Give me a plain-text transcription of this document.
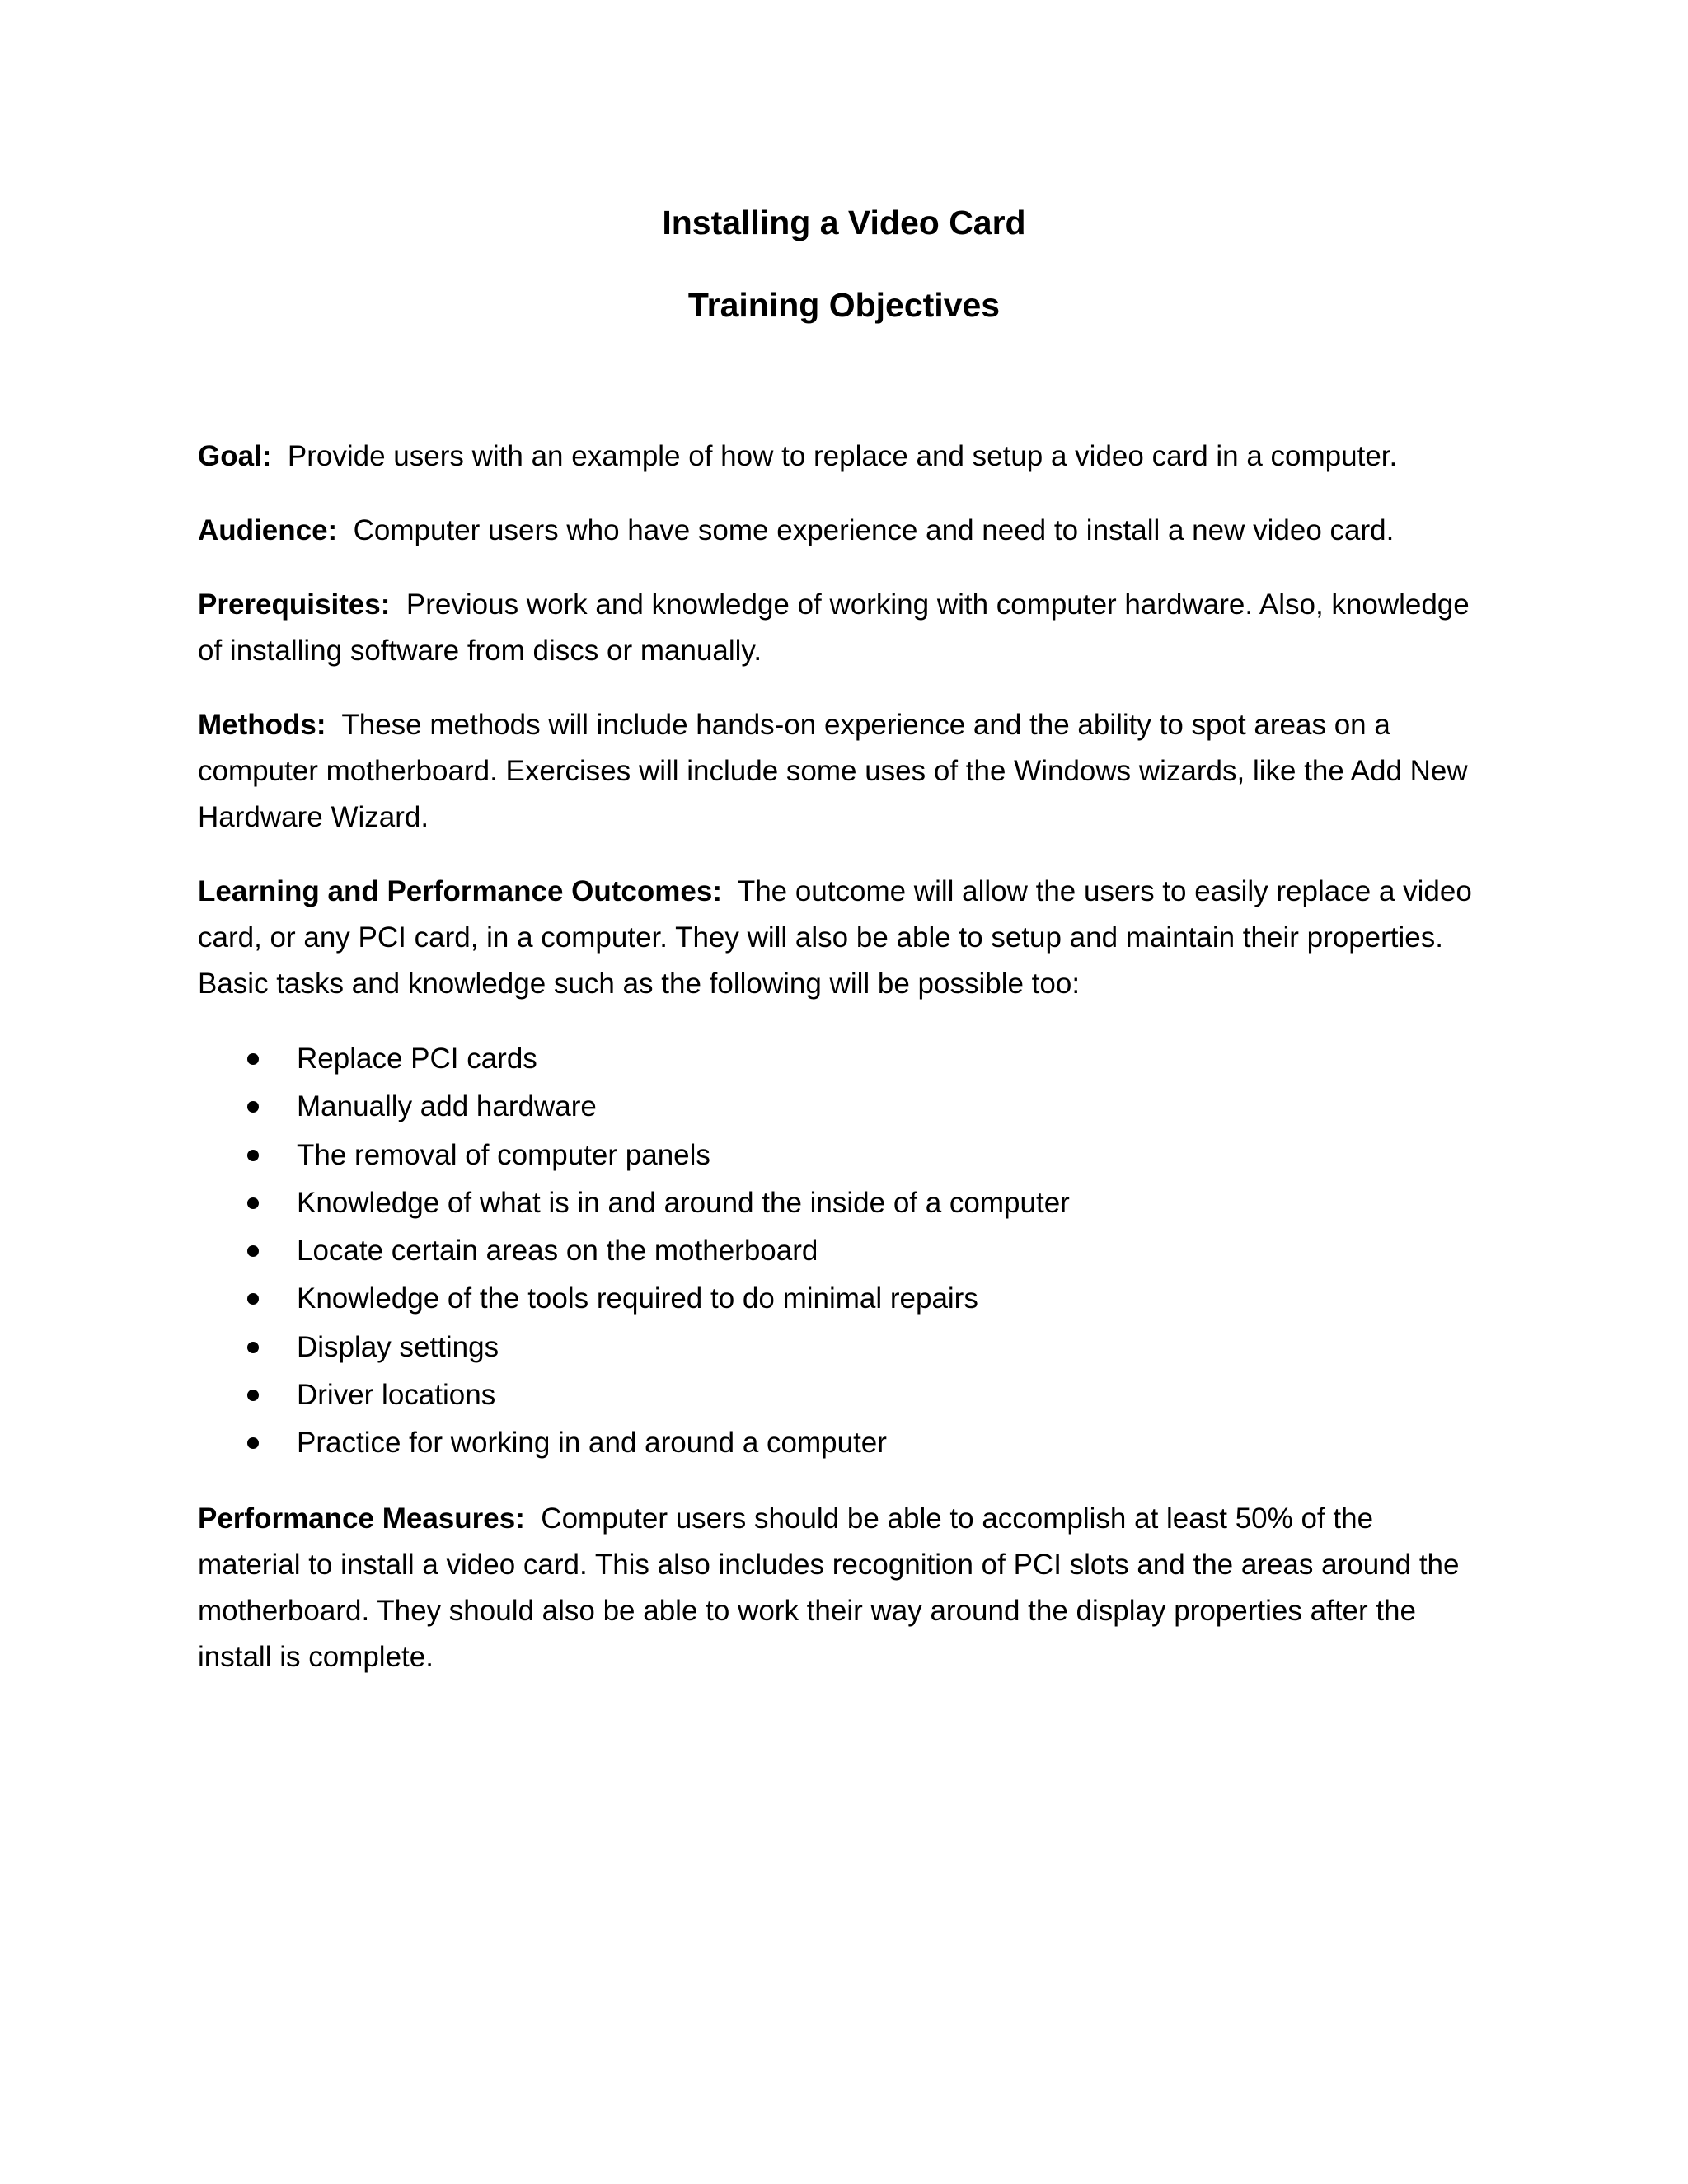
Installing a Video Card
Training Objectives

Goal: Provide users with an example of how to replace and setup a video card in a computer.

Audience: Computer users who have some experience and need to install a new video card.

Prerequisites: Previous work and knowledge of working with computer hardware. Also, knowledge of installing software from discs or manually.

Methods: These methods will include hands-on experience and the ability to spot areas on a computer motherboard. Exercises will include some uses of the Windows wizards, like the Add New Hardware Wizard.

Learning and Performance Outcomes: The outcome will allow the users to easily replace a video card, or any PCI card, in a computer. They will also be able to setup and maintain their properties. Basic tasks and knowledge such as the following will be possible too:

Replace PCI cards
Manually add hardware
The removal of computer panels
Knowledge of what is in and around the inside of a computer
Locate certain areas on the motherboard
Knowledge of the tools required to do minimal repairs
Display settings
Driver locations
Practice for working in and around a computer

Performance Measures: Computer users should be able to accomplish at least 50% of the material to install a video card. This also includes recognition of PCI slots and the areas around the motherboard. They should also be able to work their way around the display properties after the install is complete.
